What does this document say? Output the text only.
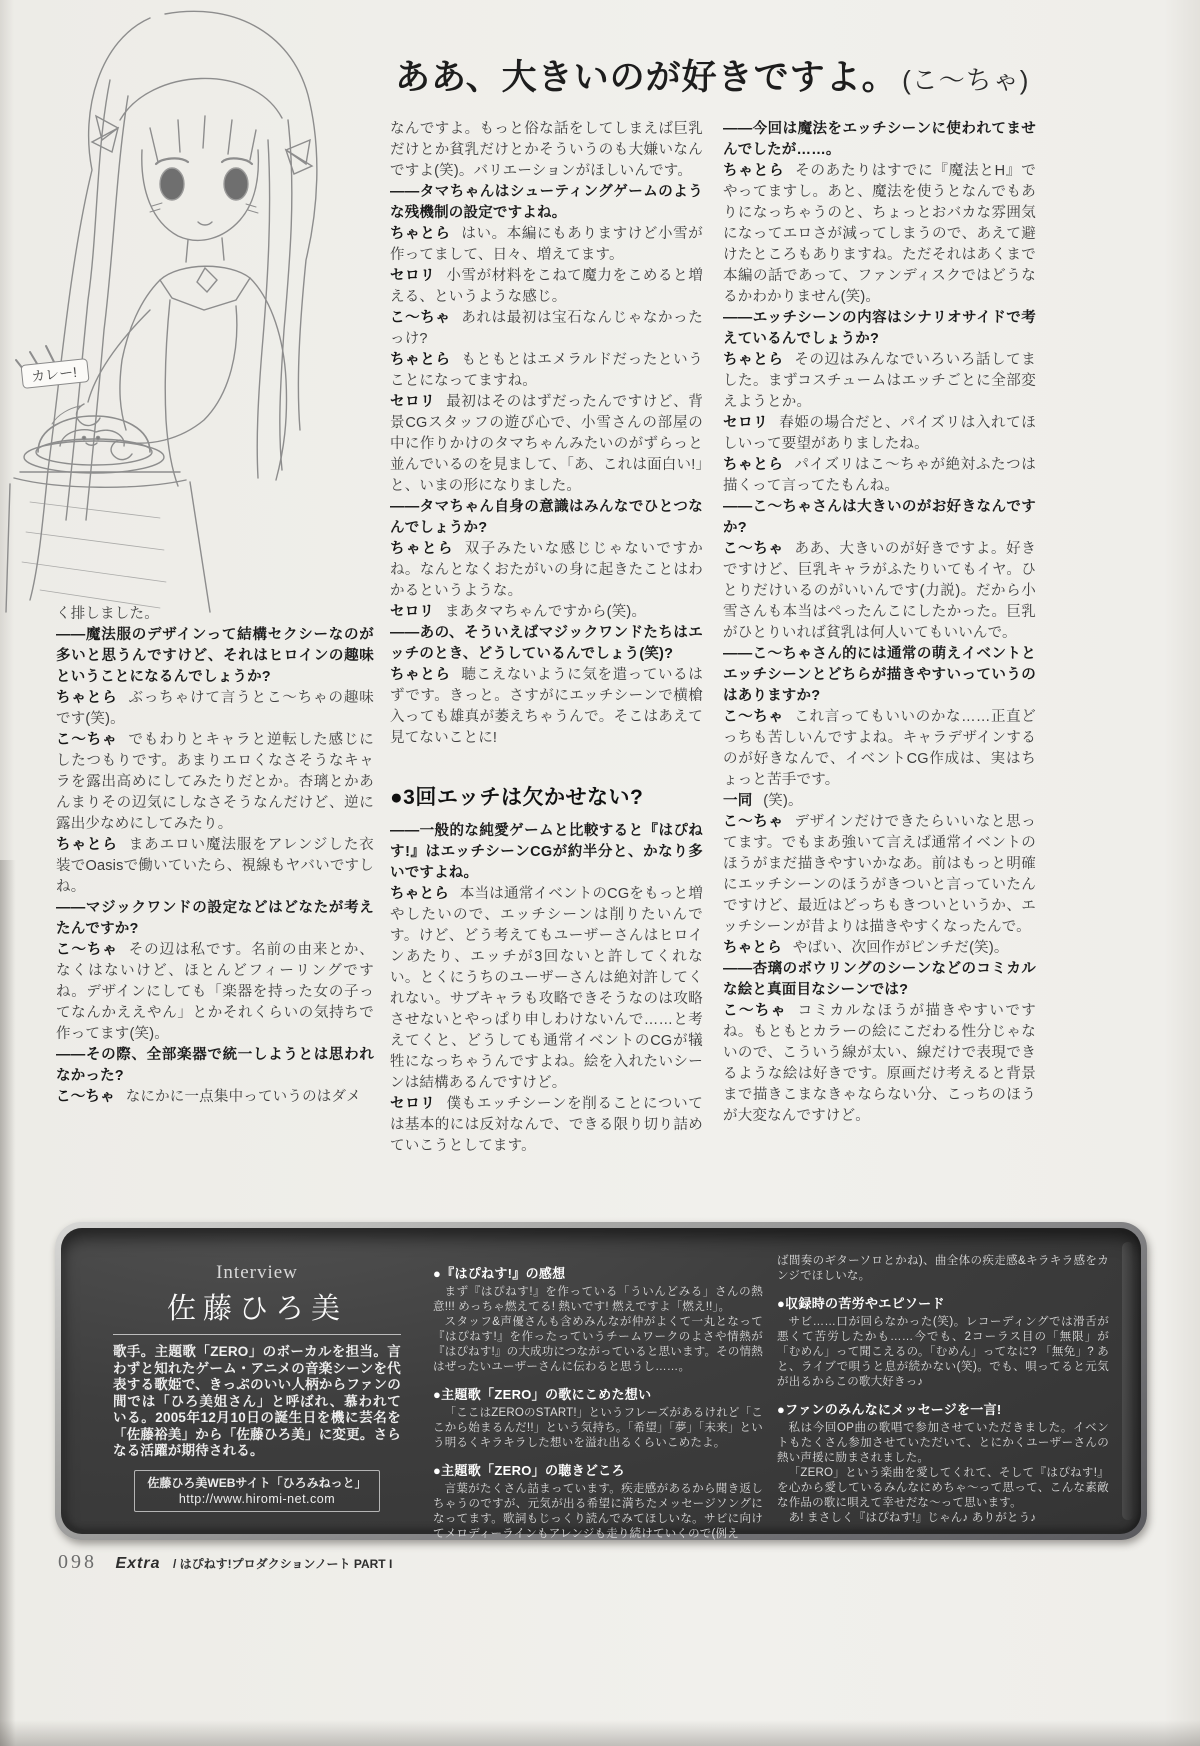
カレー!
ああ、大きいのが好きですよ。 (こ〜ちゃ)

く排しました。

——魔法服のデザインって結構セクシーなのが多いと思うんですけど、それはヒロインの趣味ということになるんでしょうか?

ちゃとら ぶっちゃけて言うとこ〜ちゃの趣味です(笑)。

こ〜ちゃ でもわりとキャラと逆転した感じにしたつもりです。あまりエロくなさそうなキャラを露出高めにしてみたりだとか。杏璃とかあんまりその辺気にしなさそうなんだけど、逆に露出少なめにしてみたり。

ちゃとら まあエロい魔法服をアレンジした衣装でOasisで働いていたら、視線もヤバいですしね。

——マジックワンドの設定などはどなたが考えたんですか?

こ〜ちゃ その辺は私です。名前の由来とか、なくはないけど、ほとんどフィーリングですね。デザインにしても「楽器を持った女の子ってなんかええやん」とかそれくらいの気持ちで作ってます(笑)。

——その際、全部楽器で統一しようとは思われなかった?

こ〜ちゃ なにかに一点集中っていうのはダメ

なんですよ。もっと俗な話をしてしまえば巨乳だけとか貧乳だけとかそういうのも大嫌いなんですよ(笑)。バリエーションがほしいんです。

——タマちゃんはシューティングゲームのような残機制の設定ですよね。

ちゃとら はい。本編にもありますけど小雪が作ってまして、日々、増えてます。

セロリ 小雪が材料をこねて魔力をこめると増える、というような感じ。

こ〜ちゃ あれは最初は宝石なんじゃなかったっけ?

ちゃとら もともとはエメラルドだったということになってますね。

セロリ 最初はそのはずだったんですけど、背景CGスタッフの遊び心で、小雪さんの部屋の中に作りかけのタマちゃんみたいのがずらっと並んでいるのを見まして、「あ、これは面白い!」と、いまの形になりました。

——タマちゃん自身の意識はみんなでひとつなんでしょうか?

ちゃとら 双子みたいな感じじゃないですかね。なんとなくおたがいの身に起きたことはわかるというような。

セロリ まあタマちゃんですから(笑)。

——あの、そういえばマジックワンドたちはエッチのとき、どうしているんでしょう(笑)?

ちゃとら 聴こえないように気を遣っているはずです。きっと。さすがにエッチシーンで横槍入っても雄真が萎えちゃうんで。そこはあえて見てないことに!

●3回エッチは欠かせない?

——一般的な純愛ゲームと比較すると『はぴねす!』はエッチシーンCGが約半分と、かなり多いですよね。

ちゃとら 本当は通常イベントのCGをもっと増やしたいので、エッチシーンは削りたいんです。けど、どう考えてもユーザーさんはヒロインあたり、エッチが3回ないと許してくれない。とくにうちのユーザーさんは絶対許してくれない。サブキャラも攻略できそうなのは攻略させないとやっぱり申しわけないんで……と考えてくと、どうしても通常イベントのCGが犠牲になっちゃうんですよね。絵を入れたいシーンは結構あるんですけど。

セロリ 僕もエッチシーンを削ることについては基本的には反対なんで、できる限り切り詰めていこうとしてます。

——今回は魔法をエッチシーンに使われてませんでしたが……。

ちゃとら そのあたりはすでに『魔法とH』でやってますし。あと、魔法を使うとなんでもありになっちゃうのと、ちょっとおバカな雰囲気になってエロさが減ってしまうので、あえて避けたところもありますね。ただそれはあくまで本編の話であって、ファンディスクではどうなるかわかりません(笑)。

——エッチシーンの内容はシナリオサイドで考えているんでしょうか?

ちゃとら その辺はみんなでいろいろ話してました。まずコスチュームはエッチごとに全部変えようとか。

セロリ 春姫の場合だと、パイズリは入れてほしいって要望がありましたね。

ちゃとら パイズリはこ〜ちゃが絶対ふたつは描くって言ってたもんね。

——こ〜ちゃさんは大きいのがお好きなんですか?

こ〜ちゃ ああ、大きいのが好きですよ。好きですけど、巨乳キャラがふたりいてもイヤ。ひとりだけいるのがいいんです(力説)。だから小雪さんも本当はぺったんこにしたかった。巨乳がひとりいれば貧乳は何人いてもいいんで。

——こ〜ちゃさん的には通常の萌えイベントとエッチシーンとどちらが描きやすいっていうのはありますか?

こ〜ちゃ これ言ってもいいのかな……正直どっちも苦しいんですよね。キャラデザインするのが好きなんで、イベントCG作成は、実はちょっと苦手です。

一同 (笑)。

こ〜ちゃ デザインだけできたらいいなと思ってます。でもまあ強いて言えば通常イベントのほうがまだ描きやすいかなあ。前はもっと明確にエッチシーンのほうがきついと言っていたんですけど、最近はどっちもきついというか、エッチシーンが昔よりは描きやすくなったんで。

ちゃとら やばい、次回作がピンチだ(笑)。

——杏璃のボウリングのシーンなどのコミカルな絵と真面目なシーンでは?

こ〜ちゃ コミカルなほうが描きやすいですね。もともとカラーの絵にこだわる性分じゃないので、こういう線が太い、線だけで表現できるような絵は好きです。原画だけ考えると背景まで描きこまなきゃならない分、こっちのほうが大変なんですけど。

Interview
佐藤ひろ美
歌手。主題歌「ZERO」のボーカルを担当。言わずと知れたゲーム・アニメの音楽シーンを代表する歌姫で、きっぷのいい人柄からファンの間では「ひろ美姐さん」と呼ばれ、慕われている。2005年12月10日の誕生日を機に芸名を「佐藤裕美」から「佐藤ひろ美」に変更。さらなる活躍が期待される。
佐藤ひろ美WEBサイト「ひろみねっと」
http://www.hiromi-net.com

●『はぴねす!』の感想

まず『はぴねす!』を作っている「ういんどみる」さんの熱意!!! めっちゃ燃えてる! 熱いです! 燃えですよ「燃え!!」。

スタッフ&声優さんも含めみんなが仲がよくて一丸となって『はぴねす!』を作ったっていうチームワークのよさや情熱が『はぴねす!』の大成功につながっていると思います。その情熱はぜったいユーザーさんに伝わると思うし……。

●主題歌「ZERO」の歌にこめた想い

「ここはZEROのSTART!」というフレーズがあるけれど「ここから始まるんだ!!」という気持ち。「希望」「夢」「未来」という明るくキラキラした想いを溢れ出るくらいこめたよ。

●主題歌「ZERO」の聴きどころ

言葉がたくさん詰まっています。疾走感があるから聞き返しちゃうのですが、元気が出る希望に満ちたメッセージソングになってます。歌詞もじっくり読んでみてほしいな。サビに向けてメロディーラインもアレンジも走り続けていくので(例え

ば間奏のギターソロとかね)、曲全体の疾走感&キラキラ感をカンジでほしいな。

●収録時の苦労やエピソード

サビ……口が回らなかった(笑)。レコーディングでは滑舌が悪くて苦労したかも……今でも、2コーラス目の「無限」が「むめん」って聞こえるの。「むめん」ってなに? 「無免」? あと、ライブで唄うと息が続かない(笑)。でも、唄ってると元気が出るからこの歌大好きっ♪

●ファンのみんなにメッセージを一言!

私は今回OP曲の歌唱で参加させていただきました。イベントもたくさん参加させていただいて、とにかくユーザーさんの熱い声援に励まされました。

「ZERO」という楽曲を愛してくれて、そして『はぴねす!』を心から愛しているみんなにめちゃ〜って思って、こんな素敵な作品の歌に唄えて幸せだな〜って思います。

あ! まさしく『はぴねす!』じゃん♪ ありがとう♪

098 Extra / はぴねす!プロダクションノート PART I
